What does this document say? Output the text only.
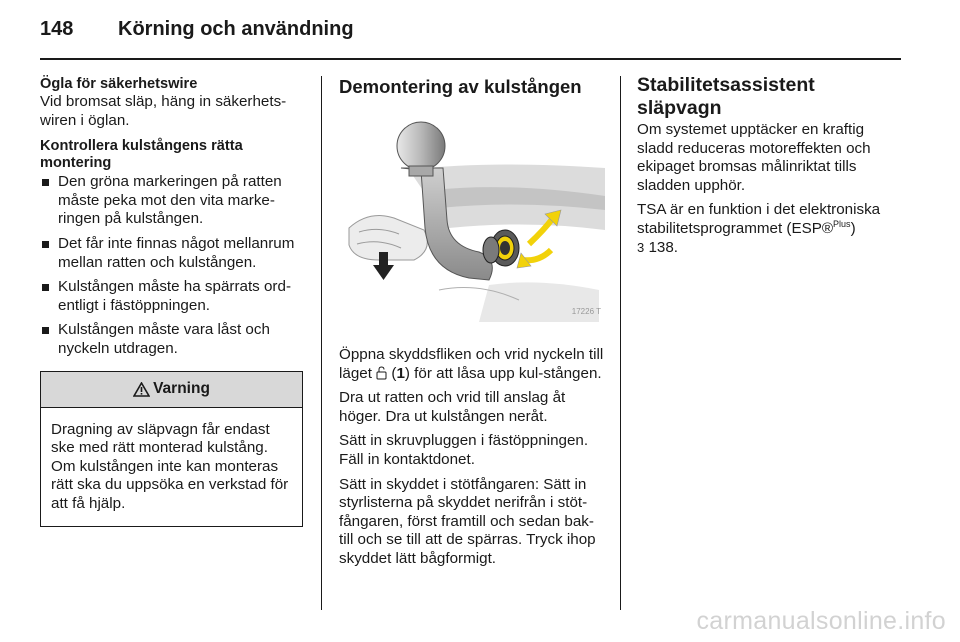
148 Körning och användning
Ögla för säkerhetswire
Vid bromsat släp, häng in säkerhets-wiren i öglan.
Kontrollera kulstångens rätta montering
Den gröna markeringen på ratten måste peka mot den vita marke-ringen på kulstången.
Det får inte finnas något mellanrum mellan ratten och kulstången.
Kulstången måste ha spärrats ord-entligt i fästöppningen.
Kulstången måste vara låst och nyckeln utdragen.
Varning
Dragning av släpvagn får endast ske med rätt monterad kulstång. Om kulstången inte kan monteras rätt ska du uppsöka en verkstad för att få hjälp.
Demontering av kulstången
17226 T
Öppna skyddsfliken och vrid nyckeln till läget  (1) för att låsa upp kul-stången.
Dra ut ratten och vrid till anslag åt höger. Dra ut kulstången neråt.
Sätt in skruvpluggen i fästöppningen. Fäll in kontaktdonet.
Sätt in skyddet i stötfångaren: Sätt in styrlisterna på skyddet nerifrån i stöt-fångaren, först framtill och sedan bak-till och se till att de spärras. Tryck ihop skyddet lätt bågformigt.
Stabilitetsassistent släpvagn
Om systemet upptäcker en kraftig sladd reduceras motoreffekten och ekipaget bromsas målinriktat tills sladden upphör.
TSA är en funktion i det elektroniska stabilitetsprogrammet (ESP®$^{Plus}$)
3 138.
carmanualsonline.info
